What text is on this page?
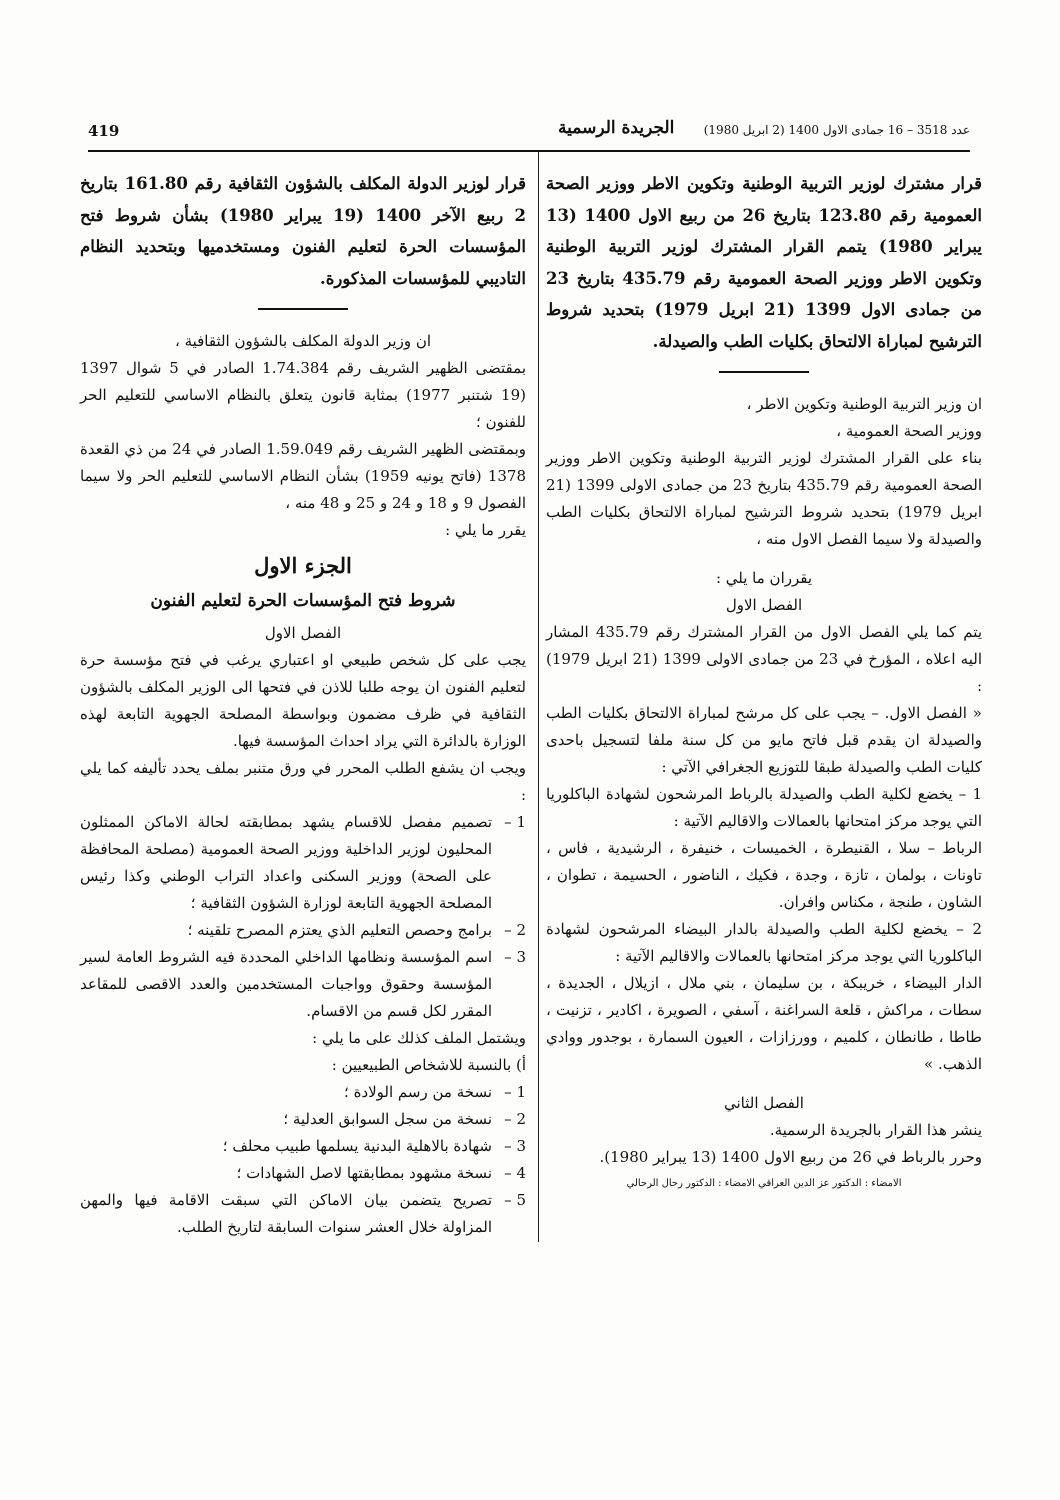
419	الجريدة الرسمية عدد 3518 – 16 جمادى الاول 1400 (2 ابريل 1980)

قرار مشترك لوزير التربية الوطنية وتكوين الاطر ووزير الصحة العمومية رقم 123.80 بتاريخ 26 من ربيع الاول 1400 (13 يبراير 1980) يتمم القرار المشترك لوزير التربية الوطنية وتكوين الاطر ووزير الصحة العمومية رقم 435.79 بتاريخ 23 من جمادى الاول 1399 (21 ابريل 1979) بتحديد شروط الترشيح لمباراة الالتحاق بكليات الطب والصيدلة.

ان وزير التربية الوطنية وتكوين الاطر ،

ووزير الصحة العمومية ،

بناء على القرار المشترك لوزير التربية الوطنية وتكوين الاطر ووزير الصحة العمومية رقم 435.79 بتاريخ 23 من جمادى الاولى 1399 (21 ابريل 1979) بتحديد شروط الترشيح لمباراة الالتحاق بكليات الطب والصيدلة ولا سيما الفصل الاول منه ،

يقرران ما يلي :

الفصل الاول

يتم كما يلي الفصل الاول من القرار المشترك رقم 435.79 المشار اليه اعلاه ، المؤرخ في 23 من جمادى الاولى 1399 (21 ابريل 1979) :

« الفصل الاول. – يجب على كل مرشح لمباراة الالتحاق بكليات الطب والصيدلة ان يقدم قبل فاتح مايو من كل سنة ملفا لتسجيل باحدى كليات الطب والصيدلة طبقا للتوزيع الجغرافي الآتي :

1 – يخضع لكلية الطب والصيدلة بالرباط المرشحون لشهادة الباكلوريا التي يوجد مركز امتحانها بالعمالات والاقاليم الآتية :

الرباط – سلا ، القنيطرة ، الخميسات ، خنيفرة ، الرشيدية ، فاس ، تاونات ، بولمان ، تازة ، وجدة ، فكيك ، الناضور ، الحسيمة ، تطوان ، الشاون ، طنجة ، مكناس وافران.

2 – يخضع لكلية الطب والصيدلة بالدار البيضاء المرشحون لشهادة الباكلوريا التي يوجد مركز امتحانها بالعمالات والاقاليم الآتية :

الدار البيضاء ، خريبكة ، بن سليمان ، بني ملال ، ازيلال ، الجديدة ، سطات ، مراكش ، قلعة السراغنة ، آسفي ، الصويرة ، اكادير ، تزنيت ، طاطا ، طانطان ، كلميم ، وورزازات ، العيون السمارة ، بوجدور ووادي الذهب. »

الفصل الثاني

ينشر هذا القرار بالجريدة الرسمية.

وحرر بالرباط في 26 من ربيع الاول 1400 (13 يبراير 1980).

الامضاء : الدكتور عز الدين العراقي الامضاء : الدكتور رحال الرحالي

قرار لوزير الدولة المكلف بالشؤون الثقافية رقم 161.80 بتاريخ 2 ربيع الآخر 1400 (19 يبراير 1980) بشأن شروط فتح المؤسسات الحرة لتعليم الفنون ومستخدميها وبتحديد النظام التاديبي للمؤسسات المذكورة.

ان وزير الدولة المكلف بالشؤون الثقافية ،

بمقتضى الظهير الشريف رقم 1.74.384 الصادر في 5 شوال 1397 (19 شتنبر 1977) بمثابة قانون يتعلق بالنظام الاساسي للتعليم الحر للفنون ؛

وبمقتضى الظهير الشريف رقم 1.59.049 الصادر في 24 من ذي القعدة 1378 (فاتح يونيه 1959) بشأن النظام الاساسي للتعليم الحر ولا سيما الفصول 9 و 18 و 24 و 25 و 48 منه ،

يقرر ما يلي :

الجزء الاول

شروط فتح المؤسسات الحرة لتعليم الفنون

الفصل الاول

يجب على كل شخص طبيعي او اعتباري يرغب في فتح مؤسسة حرة لتعليم الفنون ان يوجه طلبا للاذن في فتحها الى الوزير المكلف بالشؤون الثقافية في ظرف مضمون وبواسطة المصلحة الجهوية التابعة لهذه الوزارة بالدائرة التي يراد احداث المؤسسة فيها.

ويجب ان يشفع الطلب المحرر في ورق متنبر بملف يحدد تأليفه كما يلي :

1 –
تصميم مفصل للاقسام يشهد بمطابقته لحالة الاماكن الممثلون المحليون لوزير الداخلية ووزير الصحة العمومية (مصلحة المحافظة على الصحة) ووزير السكنى واعداد التراب الوطني وكذا رئيس المصلحة الجهوية التابعة لوزارة الشؤون الثقافية ؛
2 –
برامج وحصص التعليم الذي يعتزم المصرح تلقينه ؛
3 –
اسم المؤسسة ونظامها الداخلي المحددة فيه الشروط العامة لسير المؤسسة وحقوق وواجبات المستخدمين والعدد الاقصى للمقاعد المقرر لكل قسم من الاقسام.

ويشتمل الملف كذلك على ما يلي :

أ) بالنسبة للاشخاص الطبيعيين :

1 –
نسخة من رسم الولادة ؛
2 –
نسخة من سجل السوابق العدلية ؛
3 –
شهادة بالاهلية البدنية يسلمها طبيب محلف ؛
4 –
نسخة مشهود بمطابقتها لاصل الشهادات ؛
5 –
تصريح يتضمن بيان الاماكن التي سبقت الاقامة فيها والمهن المزاولة خلال العشر سنوات السابقة لتاريخ الطلب.
